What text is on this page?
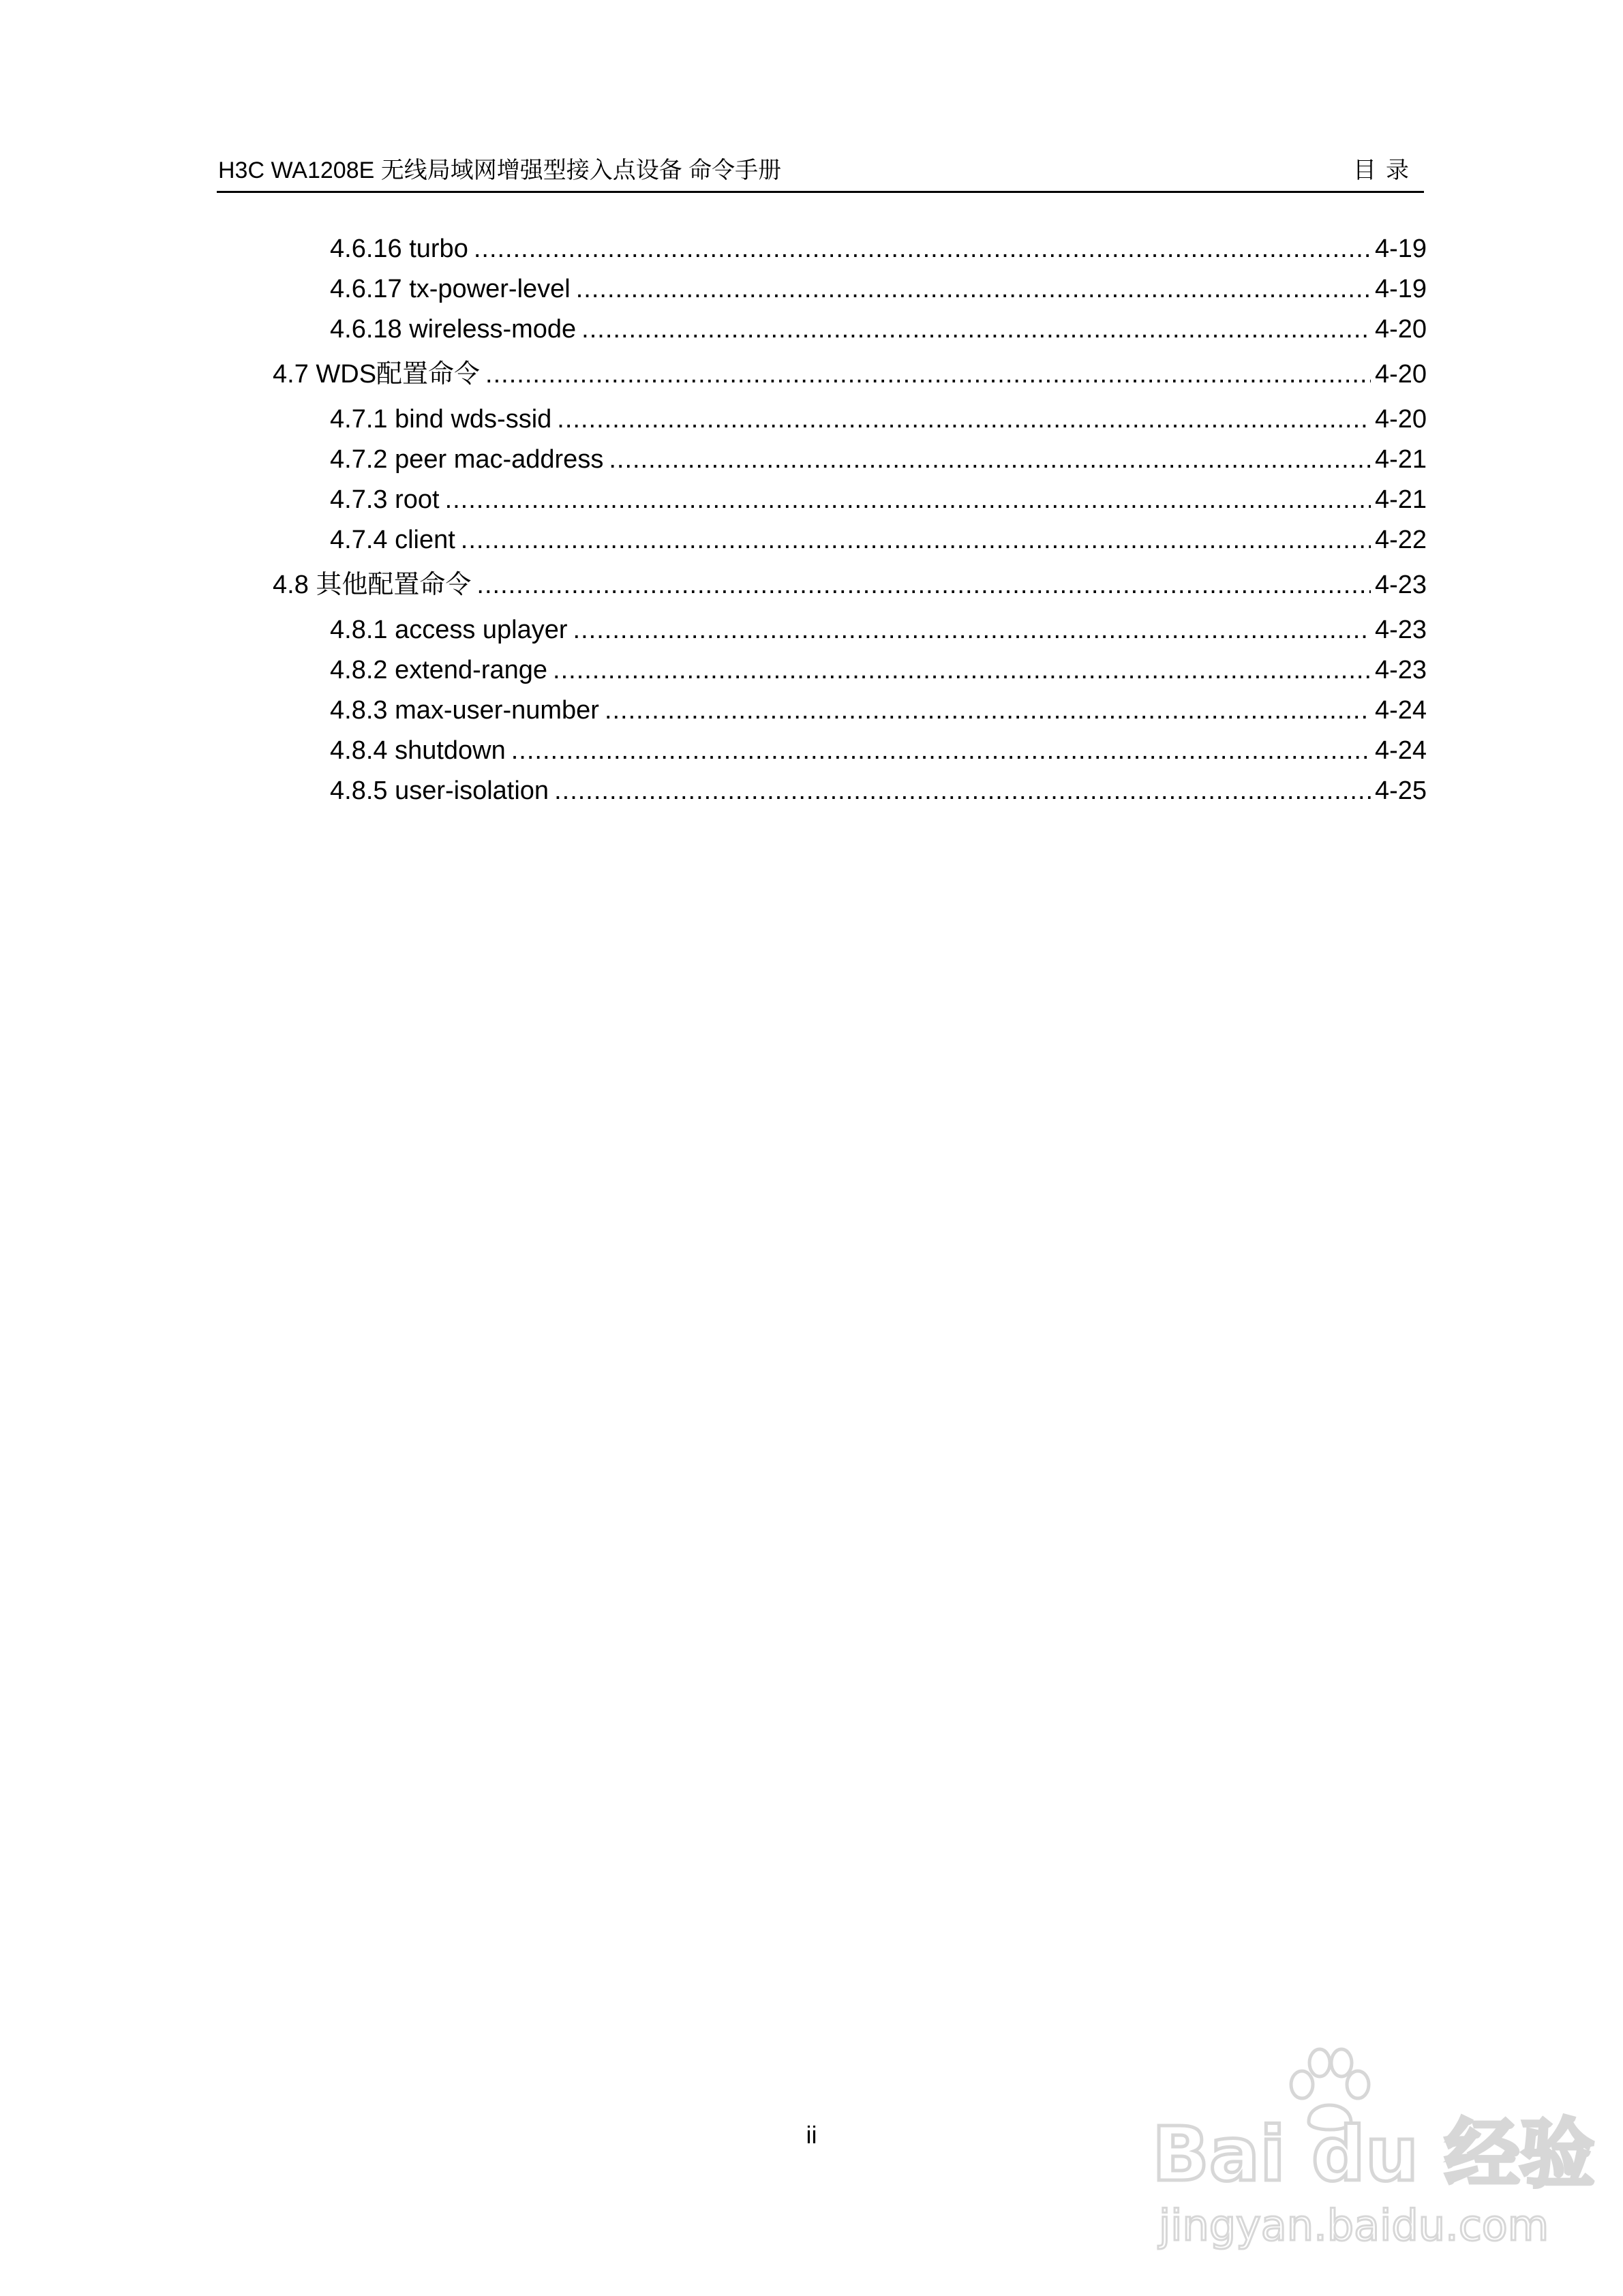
H3C WA1208E 无线局域网增强型接入点设备 命令手册	目录
4.6.16 turbo .....	4-19
4.6.17 tx-power-level .....	4-19
4.6.18 wireless-mode .....	4-20
4.7 WDS配置命令 .....	4-20
4.7.1 bind wds-ssid .....	4-20
4.7.2 peer mac-address .....	4-21
4.7.3 root .....	4-21
4.7.4 client .....	4-22
4.8 其他配置命令 .....	4-23
4.8.1 access uplayer .....	4-23
4.8.2 extend-range .....	4-23
4.8.3 max-user-number .....	4-24
4.8.4 shutdown .....	4-24
4.8.5 user-isolation .....	4-25
ii	Bai du 经验
jingyan.baidu.com
